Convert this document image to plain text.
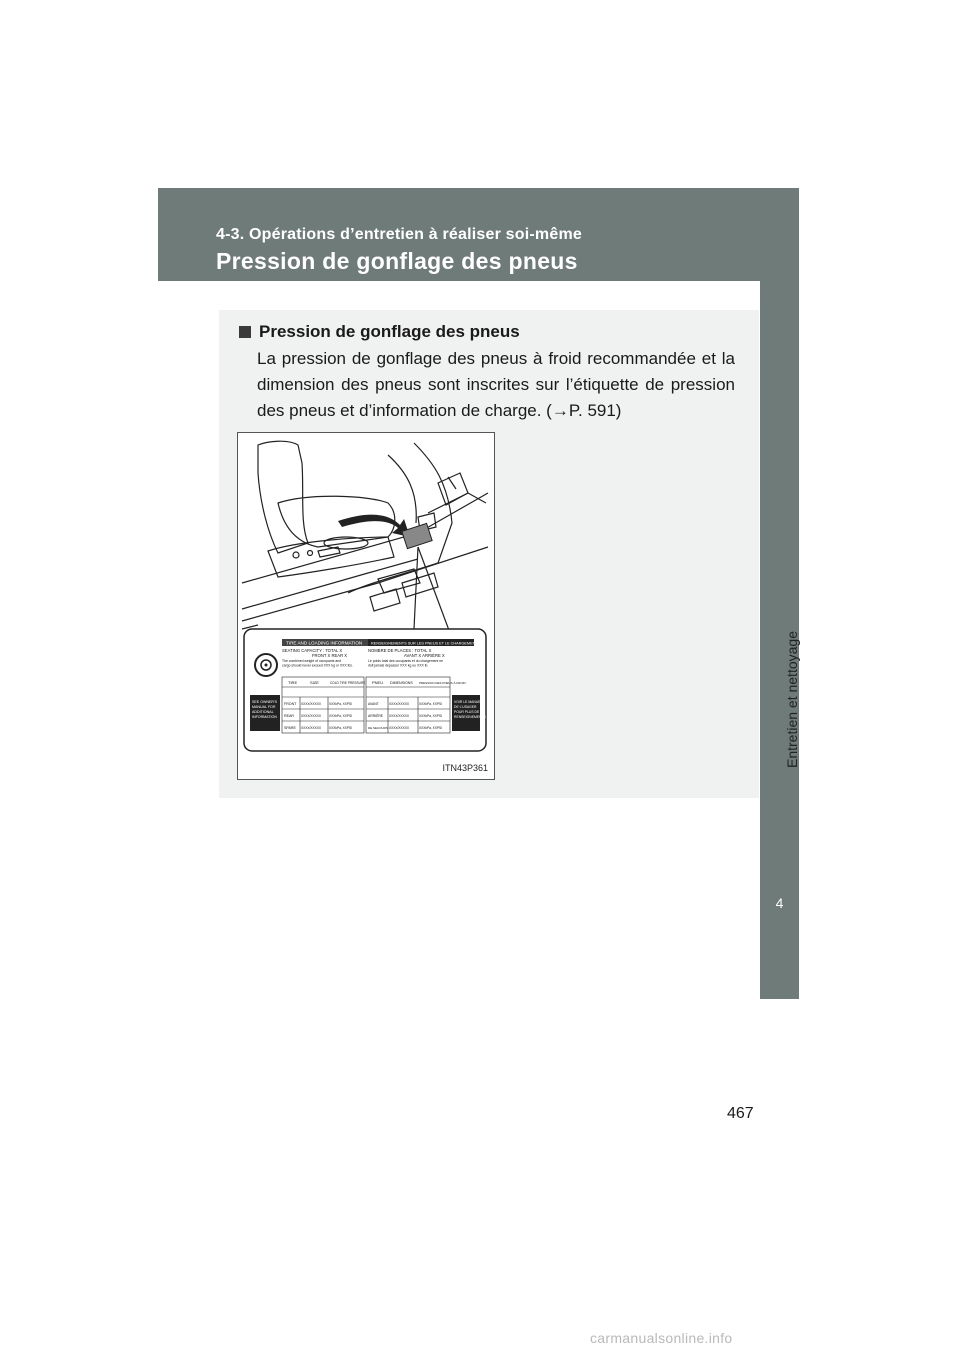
4-3. Opérations d’entretien à réaliser soi-même
Pression de gonflage des pneus
4
Entretien et nettoyage
Pression de gonflage des pneus
La pression de gonflage des pneus à froid recommandée et la dimension des pneus sont inscrites sur l’étiquette de pression des pneus et d’information de charge. (→P. 591)
TIRE AND LOADING INFORMATION RENSEIGNEMENTS SUR LES PNEUS ET LE CHARGEMENT
SEATING CAPACITY : TOTAL X
FRONT X REAR X
The combined weight of occupants and cargo should never exceed XXX kg or XXX lbs.
NOMBRE DE PLACES : TOTAL X
AVANT X ARRIÈRE X
Le poids total des occupants et du chargement ne doit jamais dépasser XXX kg ou XXX lb.
SEE OWNER'S MANUAL FOR ADDITIONAL INFORMATION
VOIR LE MANUEL DE L'USAGER POUR PLUS DE RENSEIGNEMENTS
TIRE	SIZE	COLD TIRE PRESSURE
FRONT XXXX/XXXXX XXXkPa, XXPSI
REAR XXXX/XXXXX XXXkPa, XXPSI
SPARE XXXX/XXXXX XXXkPa, XXPSI
PNEU DIMENSIONS PRESSION DES PNEUS À FROID
AVANT	XXXX/XXXXX	XXXkPa, XXPSI
ARRIÈRE XXXX/XXXXX	XXXkPa, XXPSI
DE SECOURS XXXX/XXXXX	XXXkPa, XXPSI
ITN43P361
467
carmanualsonline.info
